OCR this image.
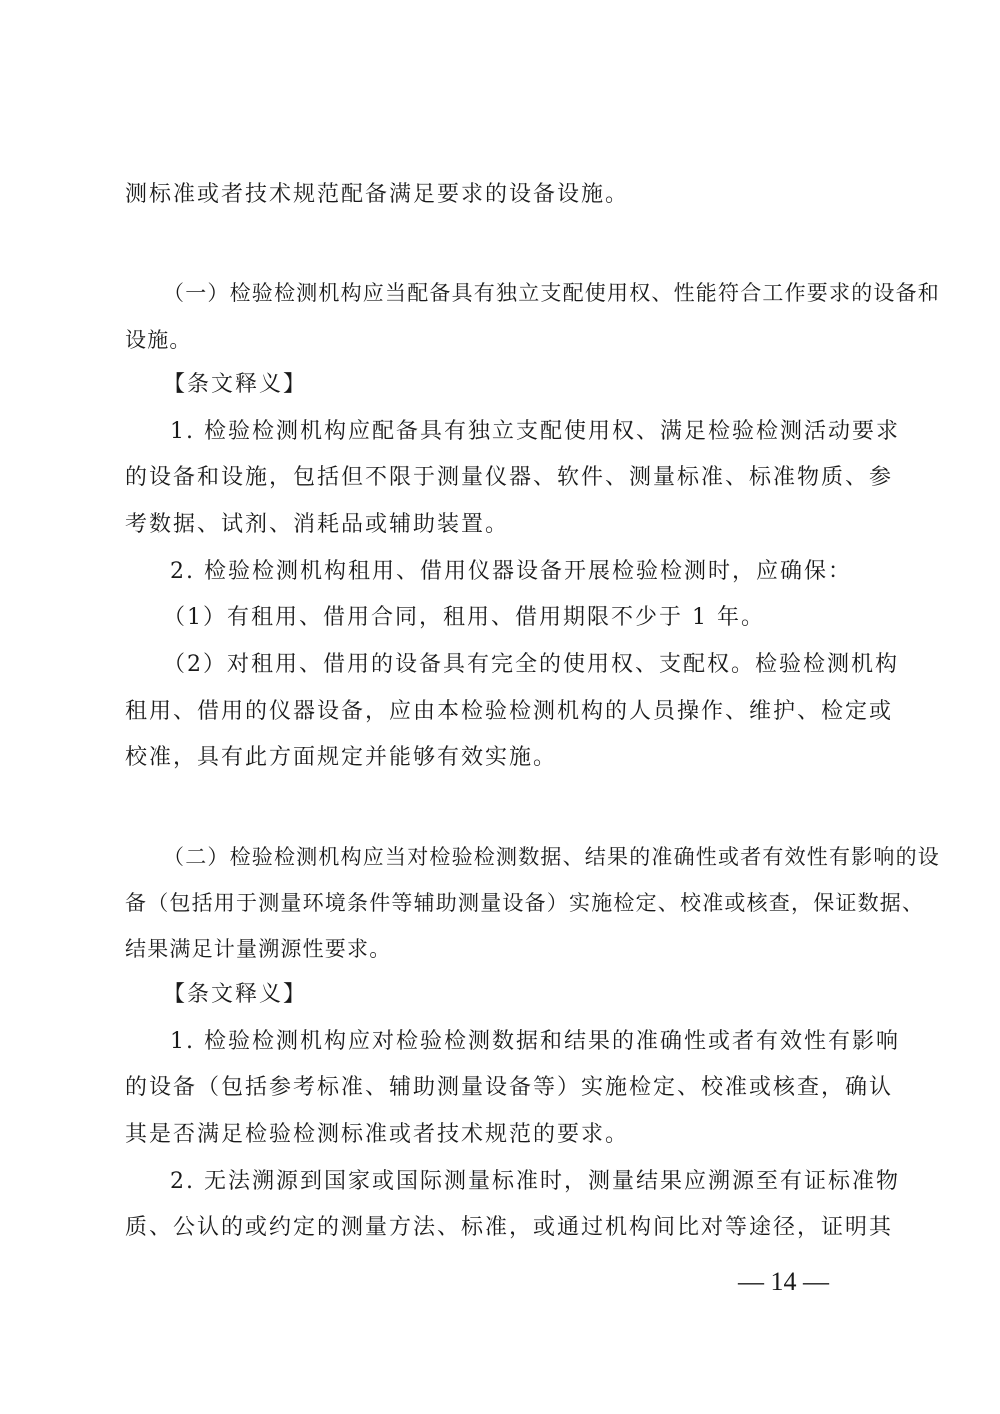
测标准或者技术规范配备满足要求的设备设施。
（一）检验检测机构应当配备具有独立支配使用权、性能符合工作要求的设备和
设施。
【条文释义】
1. 检验检测机构应配备具有独立支配使用权、满足检验检测活动要求
的设备和设施，包括但不限于测量仪器、软件、测量标准、标准物质、参
考数据、试剂、消耗品或辅助装置。
2. 检验检测机构租用、借用仪器设备开展检验检测时，应确保：
（1）有租用、借用合同，租用、借用期限不少于 1 年。
（2）对租用、借用的设备具有完全的使用权、支配权。检验检测机构
租用、借用的仪器设备，应由本检验检测机构的人员操作、维护、检定或
校准，具有此方面规定并能够有效实施。
（二）检验检测机构应当对检验检测数据、结果的准确性或者有效性有影响的设
备（包括用于测量环境条件等辅助测量设备）实施检定、校准或核查，保证数据、
结果满足计量溯源性要求。
【条文释义】
1. 检验检测机构应对检验检测数据和结果的准确性或者有效性有影响
的设备（包括参考标准、辅助测量设备等）实施检定、校准或核查，确认
其是否满足检验检测标准或者技术规范的要求。
2. 无法溯源到国家或国际测量标准时，测量结果应溯源至有证标准物
质、公认的或约定的测量方法、标准，或通过机构间比对等途径，证明其
— 14 —
